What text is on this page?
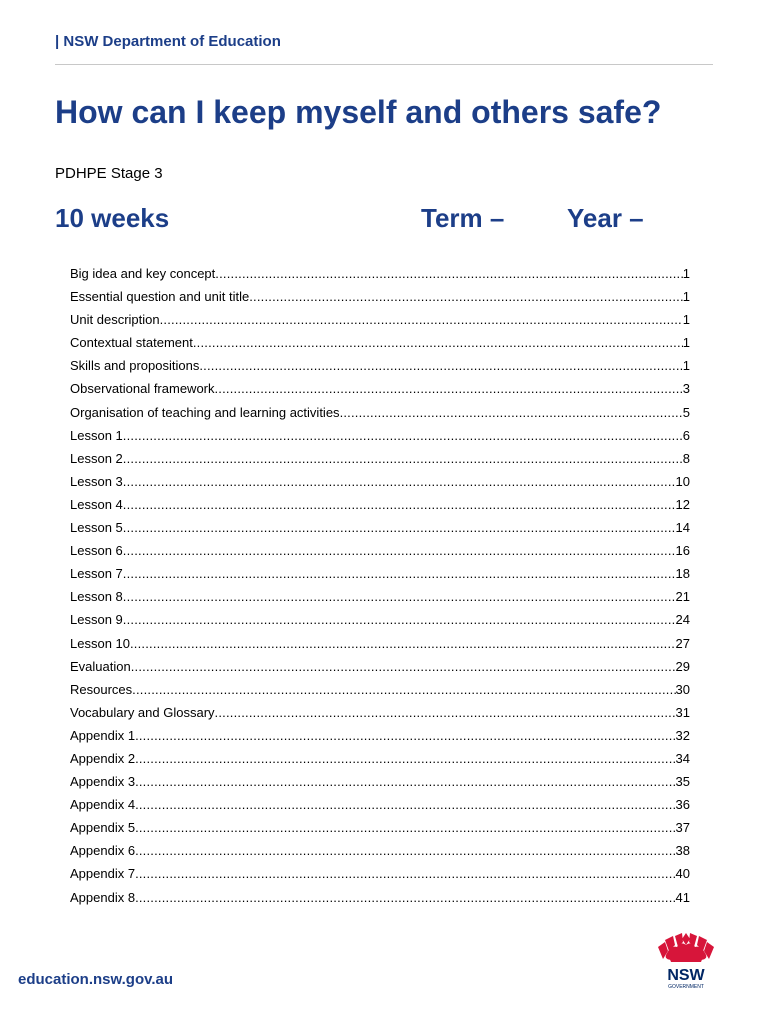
| NSW Department of Education
How can I keep myself and others safe?
PDHPE Stage 3
10 weeks	Term – Year –
Big idea and key concept .....	1
Essential question and unit title .....	1
Unit description .....	1
Contextual statement .....	1
Skills and propositions .....	1
Observational framework .....	3
Organisation of teaching and learning activities .....	5
Lesson 1 .....	6
Lesson 2 .....	8
Lesson 3 .....	10
Lesson 4 .....	12
Lesson 5 .....	14
Lesson 6 .....	16
Lesson 7 .....	18
Lesson 8 .....	21
Lesson 9 .....	24
Lesson 10 .....	27
Evaluation .....	29
Resources .....	30
Vocabulary and Glossary .....	31
Appendix 1 .....	32
Appendix 2 .....	34
Appendix 3 .....	35
Appendix 4 .....	36
Appendix 5 .....	37
Appendix 6 .....	38
Appendix 7 .....	40
Appendix 8 .....	41
education.nsw.gov.au	NSW
GOVERNMENT
